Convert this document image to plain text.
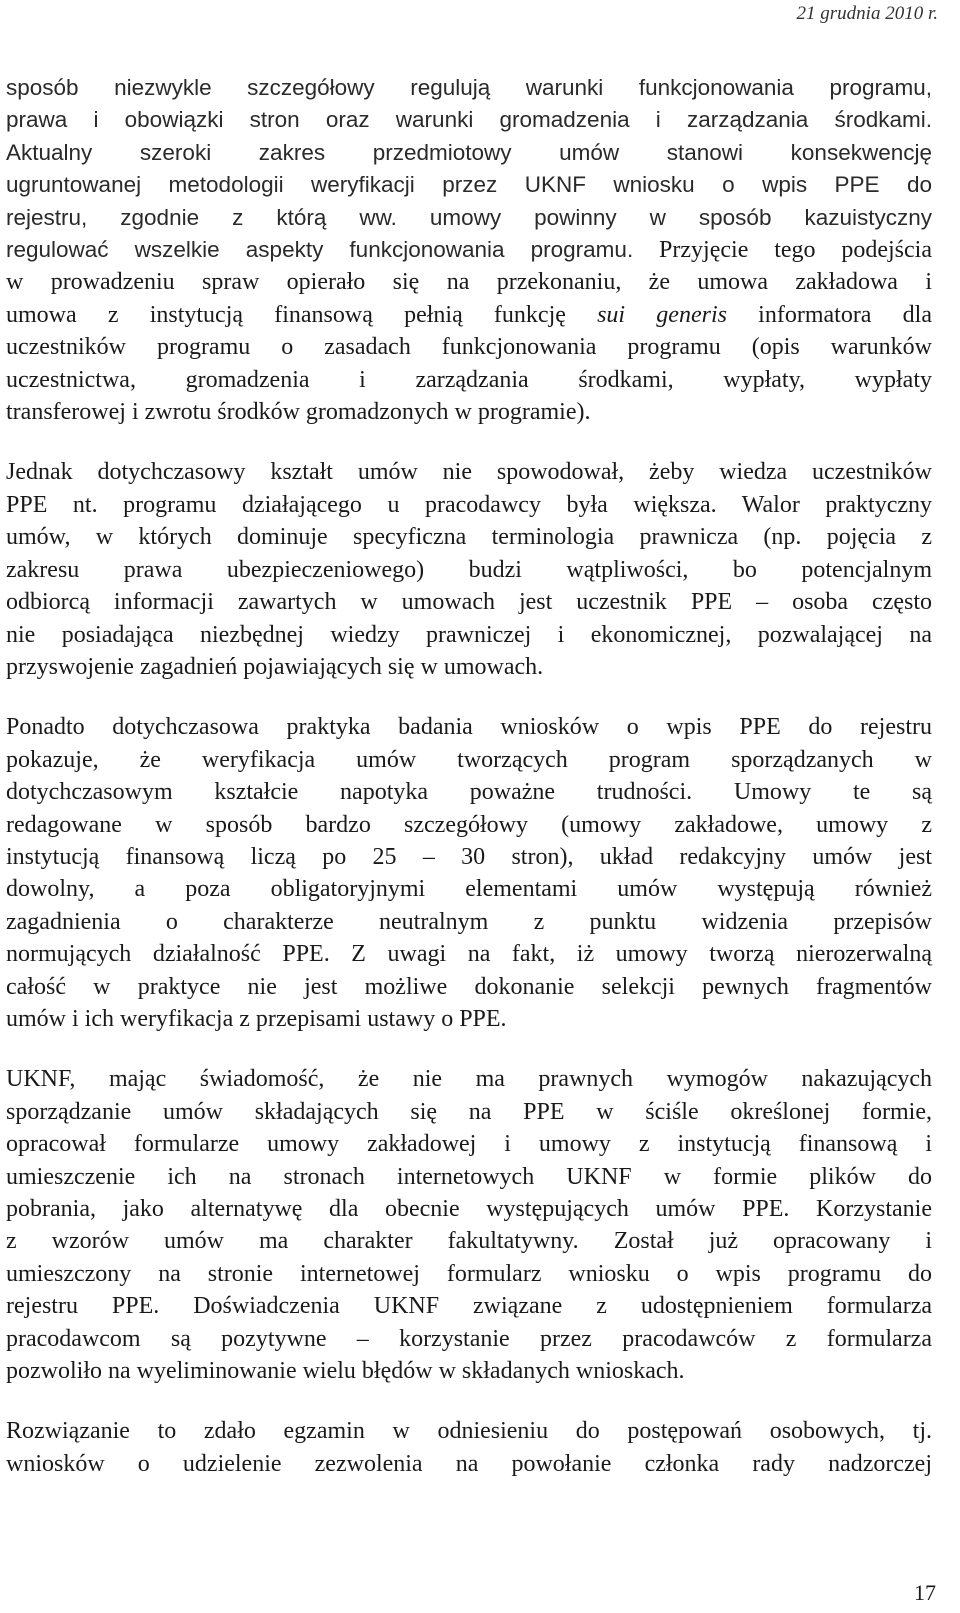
21 grudnia 2010 r.

sposób niezwykle szczegółowy regulują warunki funkcjonowania programu,
prawa i obowiązki stron oraz warunki gromadzenia i zarządzania środkami.
Aktualny szeroki zakres przedmiotowy umów stanowi konsekwencję
ugruntowanej metodologii weryfikacji przez UKNF wniosku o wpis PPE do
rejestru, zgodnie z którą ww. umowy powinny w sposób kazuistyczny
regulować wszelkie aspekty funkcjonowania programu. Przyjęcie tego podejścia
w prowadzeniu spraw opierało się na przekonaniu, że umowa zakładowa i
umowa z instytucją finansową pełnią funkcję sui generis informatora dla
uczestników programu o zasadach funkcjonowania programu (opis warunków
uczestnictwa, gromadzenia i zarządzania środkami, wypłaty, wypłaty
transferowej i zwrotu środków gromadzonych w programie).

Jednak dotychczasowy kształt umów nie spowodował, żeby wiedza uczestników
PPE nt. programu działającego u pracodawcy była większa. Walor praktyczny
umów, w których dominuje specyficzna terminologia prawnicza (np. pojęcia z
zakresu prawa ubezpieczeniowego) budzi wątpliwości, bo potencjalnym
odbiorcą informacji zawartych w umowach jest uczestnik PPE – osoba często
nie posiadająca niezbędnej wiedzy prawniczej i ekonomicznej, pozwalającej na
przyswojenie zagadnień pojawiających się w umowach.

Ponadto dotychczasowa praktyka badania wniosków o wpis PPE do rejestru
pokazuje, że weryfikacja umów tworzących program sporządzanych w
dotychczasowym kształcie napotyka poważne trudności. Umowy te są
redagowane w sposób bardzo szczegółowy (umowy zakładowe, umowy z
instytucją finansową liczą po 25 – 30 stron), układ redakcyjny umów jest
dowolny, a poza obligatoryjnymi elementami umów występują również
zagadnienia o charakterze neutralnym z punktu widzenia przepisów
normujących działalność PPE. Z uwagi na fakt, iż umowy tworzą nierozerwalną
całość w praktyce nie jest możliwe dokonanie selekcji pewnych fragmentów
umów i ich weryfikacja z przepisami ustawy o PPE.

UKNF, mając świadomość, że nie ma prawnych wymogów nakazujących
sporządzanie umów składających się na PPE w ściśle określonej formie,
opracował formularze umowy zakładowej i umowy z instytucją finansową i
umieszczenie ich na stronach internetowych UKNF w formie plików do
pobrania, jako alternatywę dla obecnie występujących umów PPE. Korzystanie
z wzorów umów ma charakter fakultatywny. Został już opracowany i
umieszczony na stronie internetowej formularz wniosku o wpis programu do
rejestru PPE. Doświadczenia UKNF związane z udostępnieniem formularza
pracodawcom są pozytywne – korzystanie przez pracodawców z formularza
pozwoliło na wyeliminowanie wielu błędów w składanych wnioskach.

Rozwiązanie to zdało egzamin w odniesieniu do postępowań osobowych, tj.
wniosków o udzielenie zezwolenia na powołanie członka rady nadzorczej

17
